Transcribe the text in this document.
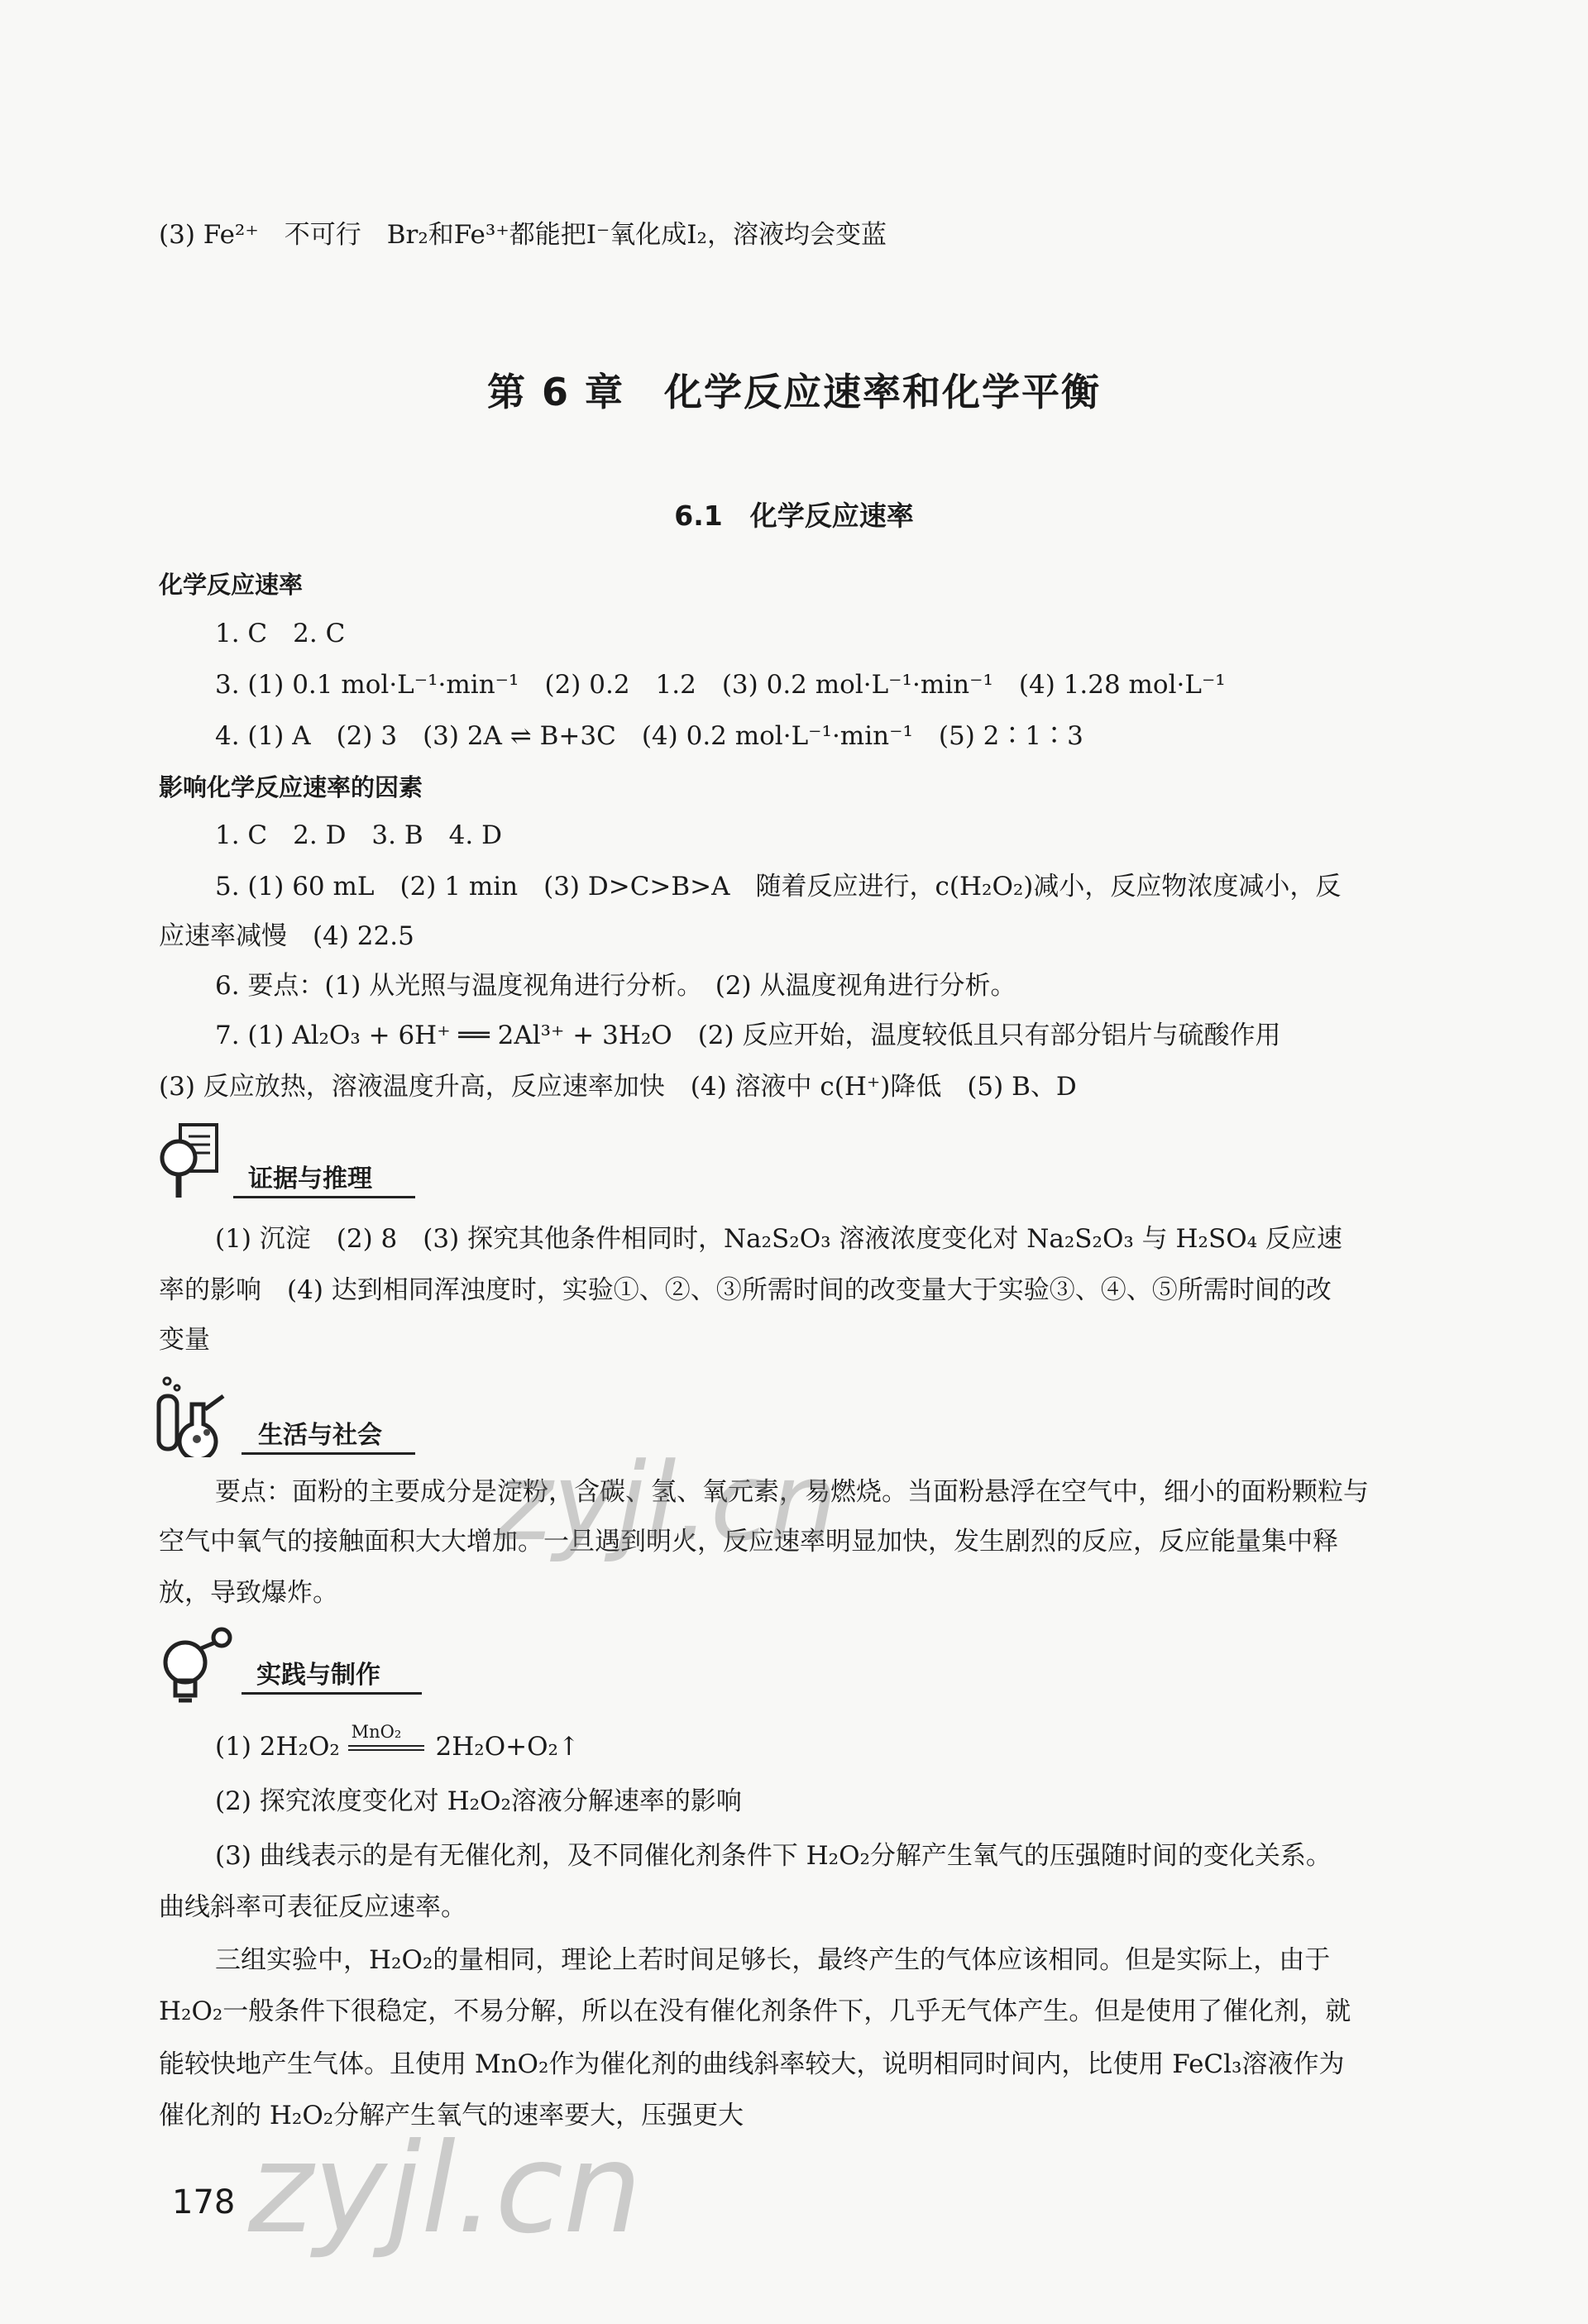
(3) Fe²⁺　不可行　Br₂和Fe³⁺都能把I⁻氧化成I₂，溶液均会变蓝
第 6 章　化学反应速率和化学平衡
6.1　化学反应速率
化学反应速率
1. C　2. C
3. (1) 0.1 mol·L⁻¹·min⁻¹　(2) 0.2　1.2　(3) 0.2 mol·L⁻¹·min⁻¹　(4) 1.28 mol·L⁻¹
4. (1) A　(2) 3　(3) 2A ⇌ B+3C　(4) 0.2 mol·L⁻¹·min⁻¹　(5) 2∶1∶3
影响化学反应速率的因素
1. C　2. D　3. B　4. D
5. (1) 60 mL　(2) 1 min　(3) D>C>B>A　随着反应进行，c(H₂O₂)减小，反应物浓度减小，反
应速率减慢　(4) 22.5
6. 要点：(1) 从光照与温度视角进行分析。　(2) 从温度视角进行分析。
7. (1) Al₂O₃ + 6H⁺ ══ 2Al³⁺ + 3H₂O　(2) 反应开始，温度较低且只有部分铝片与硫酸作用
(3) 反应放热，溶液温度升高，反应速率加快　(4) 溶液中 c(H⁺)降低　(5) B、D
证据与推理
(1) 沉淀　(2) 8　(3) 探究其他条件相同时，Na₂S₂O₃ 溶液浓度变化对 Na₂S₂O₃ 与 H₂SO₄ 反应速
率的影响　(4) 达到相同浑浊度时，实验①、②、③所需时间的改变量大于实验③、④、⑤所需时间的改
变量
生活与社会
要点：面粉的主要成分是淀粉，含碳、氢、氧元素，易燃烧。当面粉悬浮在空气中，细小的面粉颗粒与
空气中氧气的接触面积大大增加。一旦遇到明火，反应速率明显加快，发生剧烈的反应，反应能量集中释
放，导致爆炸。
实践与制作
(1) 2H₂O₂ MnO₂ 2H₂O+O₂↑
(2) 探究浓度变化对 H₂O₂溶液分解速率的影响
(3) 曲线表示的是有无催化剂，及不同催化剂条件下 H₂O₂分解产生氧气的压强随时间的变化关系。
曲线斜率可表征反应速率。
三组实验中，H₂O₂的量相同，理论上若时间足够长，最终产生的气体应该相同。但是实际上，由于
H₂O₂一般条件下很稳定，不易分解，所以在没有催化剂条件下，几乎无气体产生。但是使用了催化剂，就
能较快地产生气体。且使用 MnO₂作为催化剂的曲线斜率较大，说明相同时间内，比使用 FeCl₃溶液作为
催化剂的 H₂O₂分解产生氧气的速率要大，压强更大
zyjl.cn
zyjl.cn
178
